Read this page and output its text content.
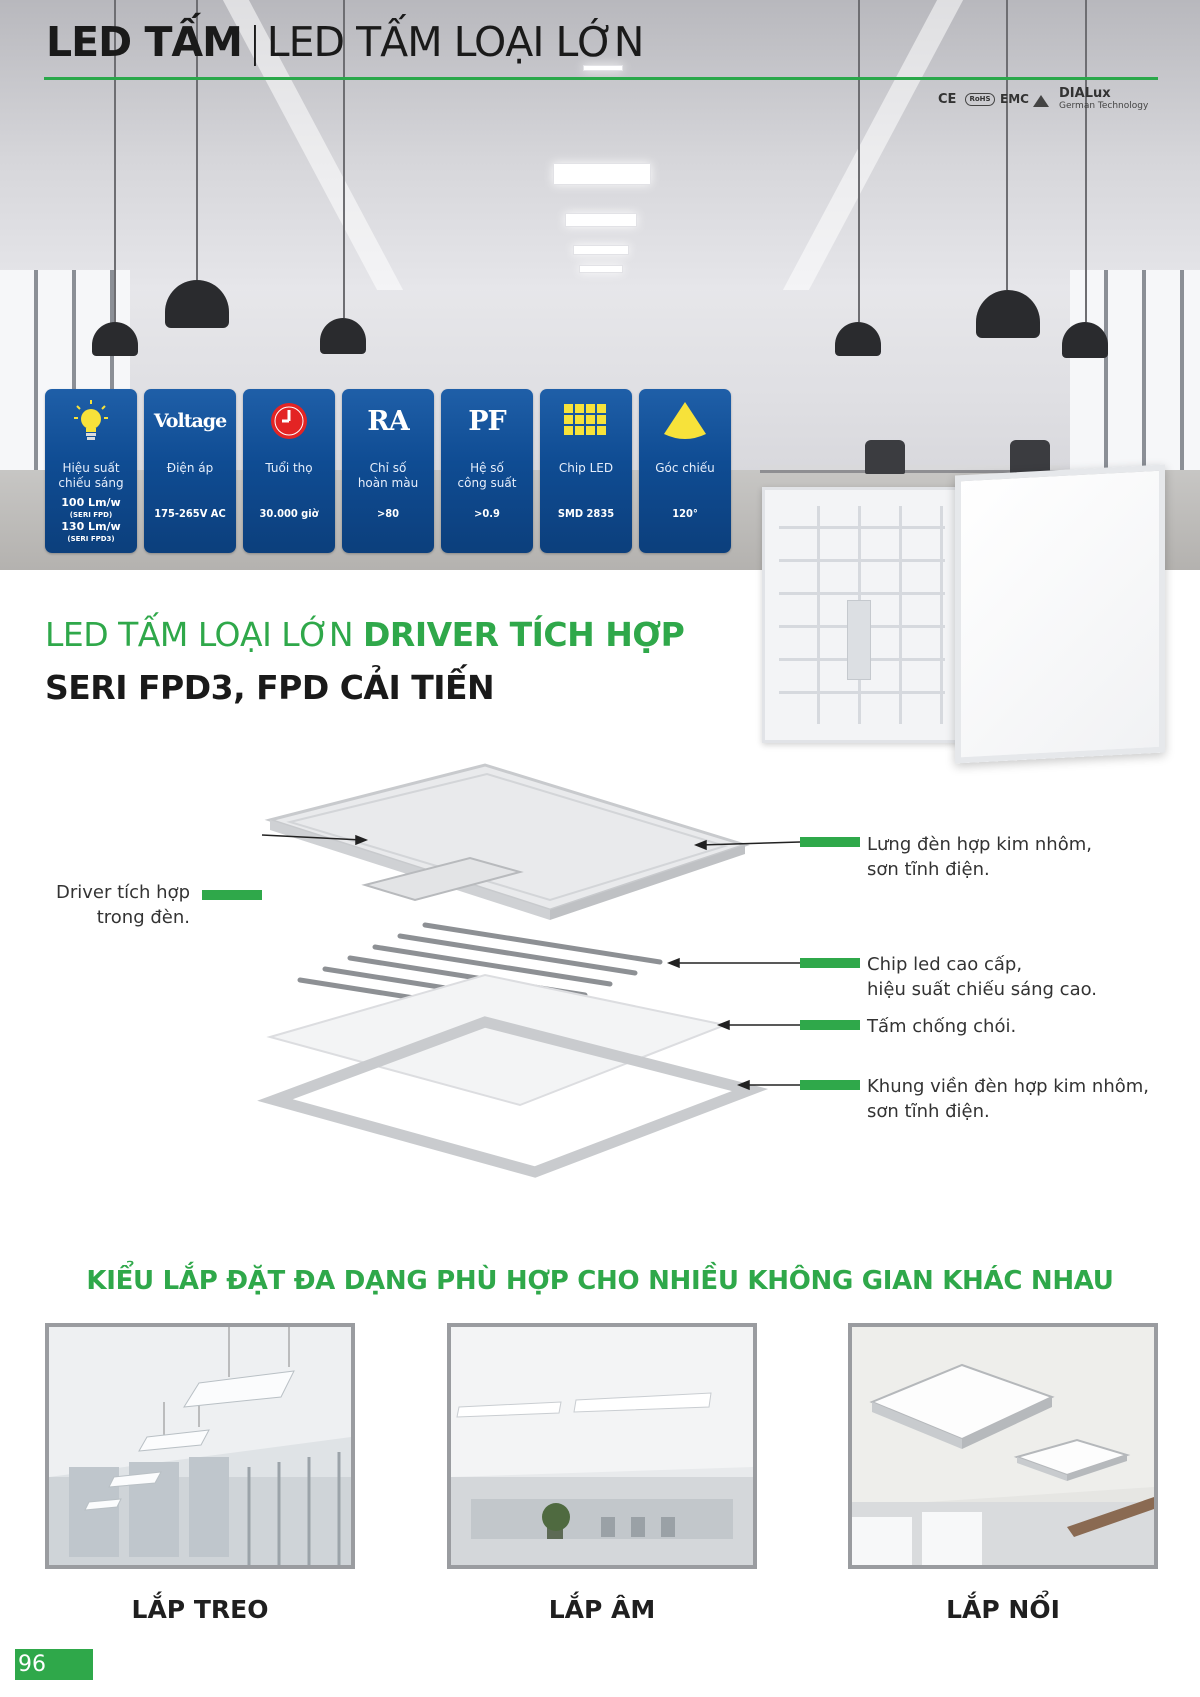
LED TẤM | LED TẤM LOẠI LỚN
CE	RoHS EMC DIALux
German Technology
Hiệu suất
chiếu sáng
100 Lm/w
(SERI FPD)
130 Lm/w
(SERI FPD3)
Voltage
Điện áp
175-265V AC
Tuổi thọ
30.000 giờ
RA
Chỉ số
hoàn màu
>80
PF
Hệ số
công suất
>0.9
Chip LED
SMD 2835
Góc chiếu
120°
LED TẤM LOẠI LỚN DRIVER TÍCH HỢP
SERI FPD3, FPD CẢI TIẾN
Driver tích hợp
trong đèn.
Lưng đèn hợp kim nhôm,
sơn tĩnh điện.
Chip led cao cấp,
hiệu suất chiếu sáng cao.
Tấm chống chói.
Khung viền đèn hợp kim nhôm,
sơn tĩnh điện.
KIỂU LẮP ĐẶT ĐA DẠNG PHÙ HỢP CHO NHIỀU KHÔNG GIAN KHÁC NHAU
LẮP TREO	LẮP ÂM	LẮP NỔI
96
